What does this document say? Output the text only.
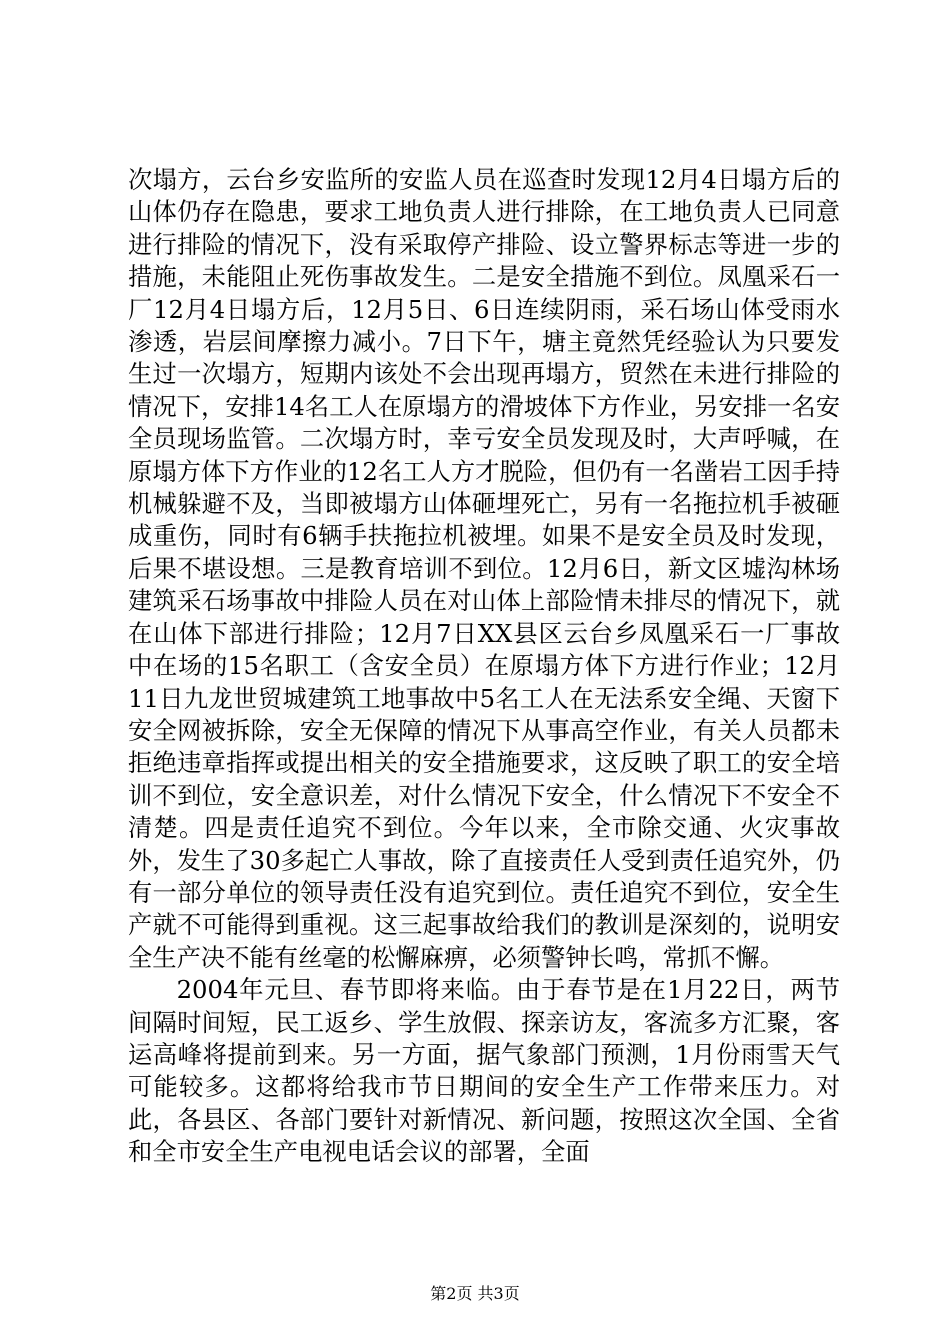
次塌方，云台乡安监所的安监人员在巡查时发现12月4日塌方后的山体仍存在隐患，要求工地负责人进行排除，在工地负责人已同意进行排险的情况下，没有采取停产排险、设立警界标志等进一步的措施，未能阻止死伤事故发生。二是安全措施不到位。凤凰采石一厂12月4日塌方后，12月5日、6日连续阴雨，采石场山体受雨水渗透，岩层间摩擦力减小。7日下午，塘主竟然凭经验认为只要发生过一次塌方，短期内该处不会出现再塌方，贸然在未进行排险的情况下，安排14名工人在原塌方的滑坡体下方作业，另安排一名安全员现场监管。二次塌方时，幸亏安全员发现及时，大声呼喊，在原塌方体下方作业的12名工人方才脱险，但仍有一名凿岩工因手持机械躲避不及，当即被塌方山体砸埋死亡，另有一名拖拉机手被砸成重伤，同时有6辆手扶拖拉机被埋。如果不是安全员及时发现，后果不堪设想。三是教育培训不到位。12月6日，新文区墟沟林场建筑采石场事故中排险人员在对山体上部险情未排尽的情况下，就在山体下部进行排险；12月7日XX县区云台乡凤凰采石一厂事故中在场的15名职工（含安全员）在原塌方体下方进行作业；12月11日九龙世贸城建筑工地事故中5名工人在无法系安全绳、天窗下安全网被拆除，安全无保障的情况下从事高空作业，有关人员都未拒绝违章指挥或提出相关的安全措施要求，这反映了职工的安全培训不到位，安全意识差，对什么情况下安全，什么情况下不安全不清楚。四是责任追究不到位。今年以来，全市除交通、火灾事故外，发生了30多起亡人事故，除了直接责任人受到责任追究外，仍有一部分单位的领导责任没有追究到位。责任追究不到位，安全生产就不可能得到重视。这三起事故给我们的教训是深刻的，说明安全生产决不能有丝毫的松懈麻痹，必须警钟长鸣，常抓不懈。

2004年元旦、春节即将来临。由于春节是在1月22日，两节间隔时间短，民工返乡、学生放假、探亲访友，客流多方汇聚，客运高峰将提前到来。另一方面，据气象部门预测，1月份雨雪天气可能较多。这都将给我市节日期间的安全生产工作带来压力。对此，各县区、各部门要针对新情况、新问题，按照这次全国、全省和全市安全生产电视电话会议的部署，全面

第2页 共3页
